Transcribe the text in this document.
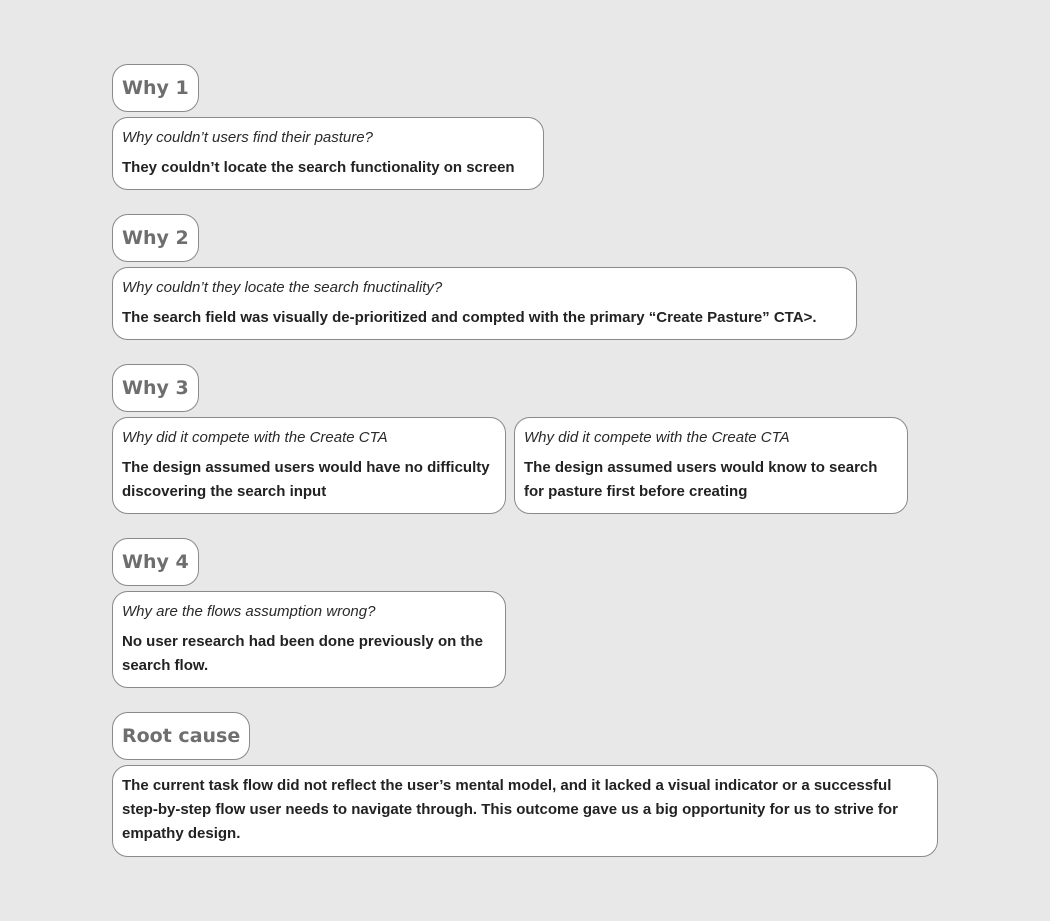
Why 1
Why couldn’t users find their pasture?
They couldn’t locate the search functionality on screen
Why 2
Why couldn’t they locate the search fnuctinality?
The search field was visually de-prioritized and compted with the primary “Create Pasture” CTA>.
Why 3
Why did it compete with the Create CTA
The design assumed users would have no difficulty discovering the search input
Why did it compete with the Create CTA
The design assumed users would know to search for pasture first before creating
Why 4
Why are the flows assumption wrong?
No user research had been done previously on the search flow.
Root cause
The current task flow did not reflect the user’s mental model, and it lacked a visual indicator or a successful step-by-step flow user needs to navigate through. This outcome gave us a big opportunity for us to strive for empathy design.
